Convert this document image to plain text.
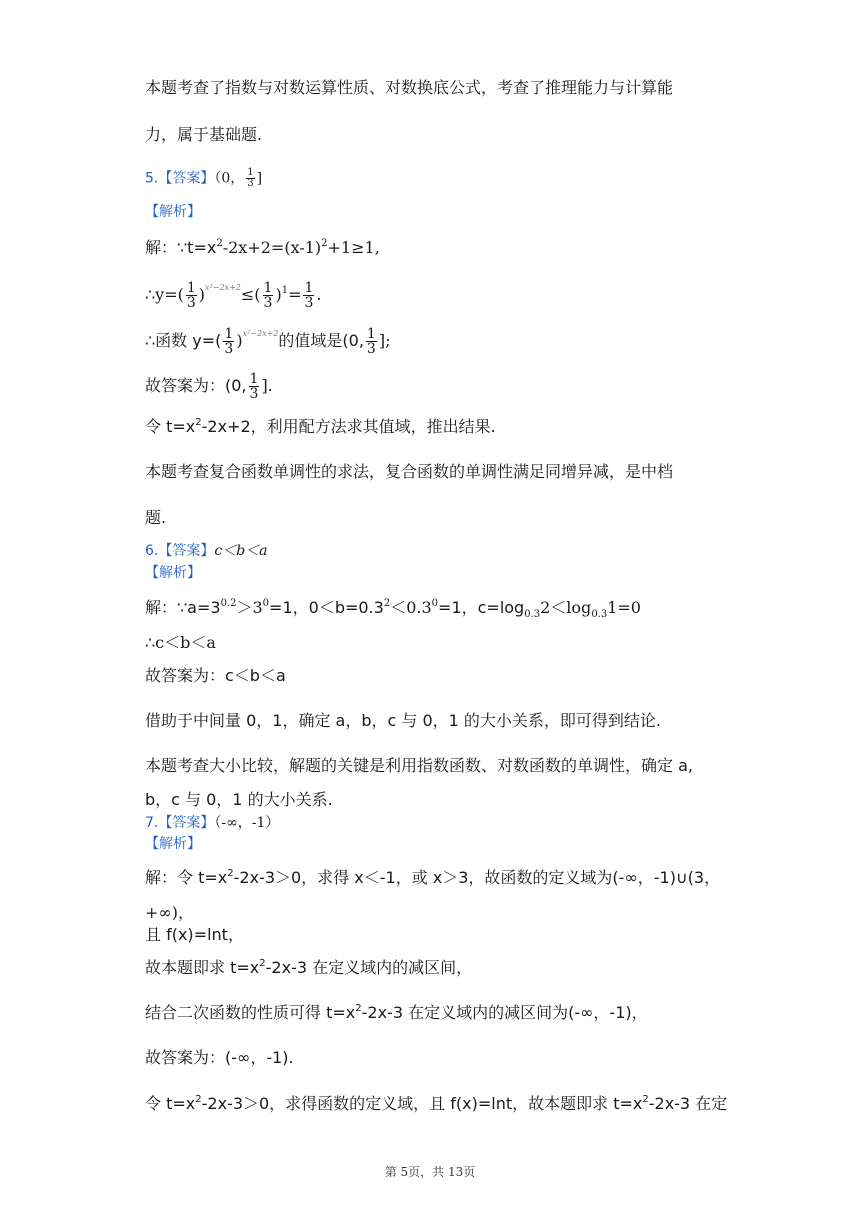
本题考查了指数与对数运算性质、对数换底公式，考查了推理能力与计算能
力，属于基础题.
5.【答案】（0， $\frac{1}{3}$ ]
【解析】
解：$\because t=x^2-2x+2=(x-1)^2+1\ge 1$,
∴y=( $\frac{1}{3} )^{x^2-2x+2}\le( \frac{1}{3} )^1= \frac{1}{3}$ .
∴函数 $y=( \frac{1}{3} )^{x^2-2x+2}$的值域是(0, $\frac{1}{3}$ ];
故答案为：(0, $\frac{1}{3}$ ].
令 $t=x^2-2x+2$，利用配方法求其值域，推出结果.
本题考查复合函数单调性的求法，复合函数的单调性满足同增异减，是中档
题.
6.【答案】c＜b＜a
【解析】
解：$\because a=3^{0.2}>3^0=1$，$0<b=0.3^2<0.3^0=1$，$c=\log_{0.3}2<\log_{0.3}1=0$
∴c＜b＜a
故答案为：c＜b＜a
借助于中间量 0，1，确定 a，b，c 与 0，1 的大小关系，即可得到结论.
本题考查大小比较，解题的关键是利用指数函数、对数函数的单调性，确定 a,
b，c 与 0，1 的大小关系.
7.【答案】（-∞，-1）
【解析】
解：令 $t=x^2-2x-3>0$，求得 x＜-1，或 x＞3，故函数的定义域为(-∞，-1)∪(3，
+∞)，
且 f(x)=lnt，
故本题即求 $t=x^2-2x-3$ 在定义域内的减区间，
结合二次函数的性质可得 $t=x^2-2x-3$ 在定义域内的减区间为(-∞，-1)，
故答案为：(-∞，-1).
令 $t=x^2-2x-3>0$，求得函数的定义域，且 f(x)=lnt，故本题即求 $t=x^2-2x-3$ 在定
第 5页，共 13页
